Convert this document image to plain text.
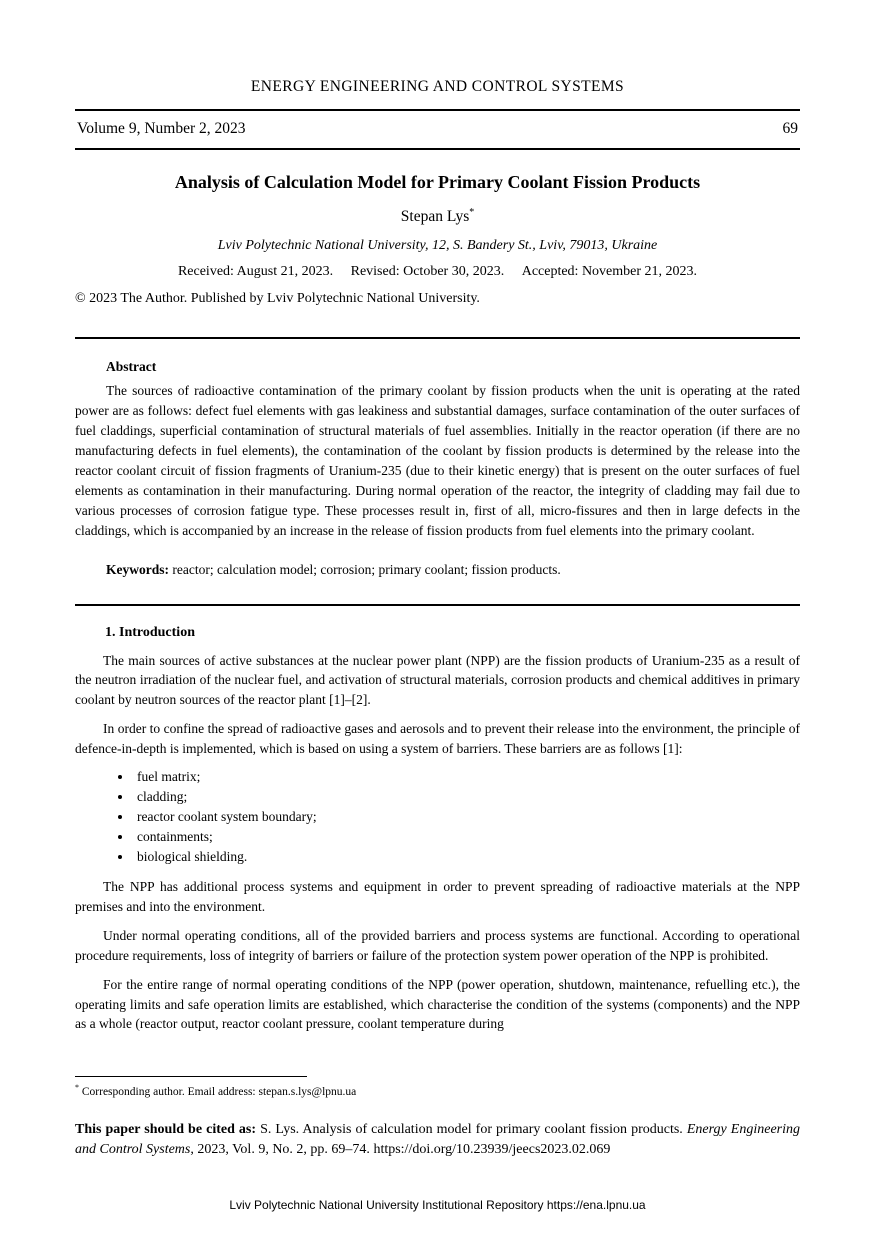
ENERGY ENGINEERING AND CONTROL SYSTEMS
Volume 9, Number 2, 2023	69
Analysis of Calculation Model for Primary Coolant Fission Products
Stepan Lys*
Lviv Polytechnic National University, 12, S. Bandery St., Lviv, 79013, Ukraine
Received: August 21, 2023. Revised: October 30, 2023. Accepted: November 21, 2023.
© 2023 The Author. Published by Lviv Polytechnic National University.
Abstract

The sources of radioactive contamination of the primary coolant by fission products when the unit is operating at the rated power are as follows: defect fuel elements with gas leakiness and substantial damages, surface contamination of the outer surfaces of fuel claddings, superficial contamination of structural materials of fuel assemblies. Initially in the reactor operation (if there are no manufacturing defects in fuel elements), the contamination of the coolant by fission products is determined by the release into the reactor coolant circuit of fission fragments of Uranium-235 (due to their kinetic energy) that is present on the outer surfaces of fuel elements as contamination in their manufacturing. During normal operation of the reactor, the integrity of cladding may fail due to various processes of corrosion fatigue type. These processes result in, first of all, micro-fissures and then in large defects in the claddings, which is accompanied by an increase in the release of fission products from fuel elements into the primary coolant.

Keywords: reactor; calculation model; corrosion; primary coolant; fission products.
1. Introduction

The main sources of active substances at the nuclear power plant (NPP) are the fission products of Uranium-235 as a result of the neutron irradiation of the nuclear fuel, and activation of structural materials, corrosion products and chemical additives in primary coolant by neutron sources of the reactor plant [1]–[2].

In order to confine the spread of radioactive gases and aerosols and to prevent their release into the environment, the principle of defence-in-depth is implemented, which is based on using a system of barriers. These barriers are as follows [1]:

• fuel matrix;
• cladding;
• reactor coolant system boundary;
• containments;
• biological shielding.

The NPP has additional process systems and equipment in order to prevent spreading of radioactive materials at the NPP premises and into the environment.

Under normal operating conditions, all of the provided barriers and process systems are functional. According to operational procedure requirements, loss of integrity of barriers or failure of the protection system power operation of the NPP is prohibited.

For the entire range of normal operating conditions of the NPP (power operation, shutdown, maintenance, refuelling etc.), the operating limits and safe operation limits are established, which characterise the condition of the systems (components) and the NPP as a whole (reactor output, reactor coolant pressure, coolant temperature during

* Corresponding author. Email address: stepan.s.lys@lpnu.ua

This paper should be cited as: S. Lys. Analysis of calculation model for primary coolant fission products. Energy Engineering and Control Systems, 2023, Vol. 9, No. 2, pp. 69–74. https://doi.org/10.23939/jeecs2023.02.069

Lviv Polytechnic National University Institutional Repository https://ena.lpnu.ua
